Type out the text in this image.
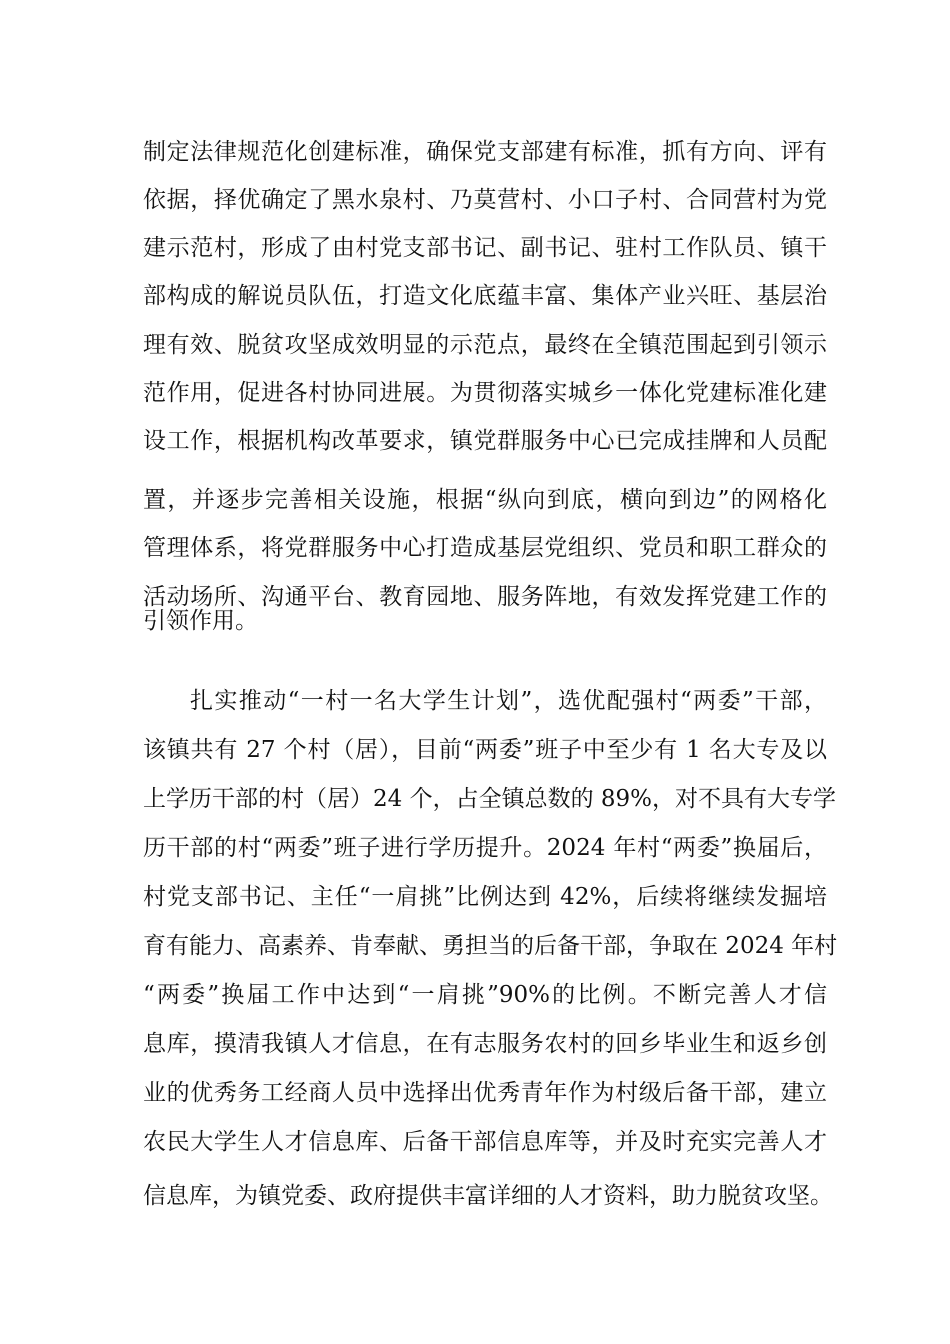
制定法律规范化创建标准，确保党支部建有标准，抓有方向、评有
依据，择优确定了黑水泉村、乃莫营村、小口子村、合同营村为党
建示范村，形成了由村党支部书记、副书记、驻村工作队员、镇干
部构成的解说员队伍，打造文化底蕴丰富、集体产业兴旺、基层治
理有效、脱贫攻坚成效明显的示范点，最终在全镇范围起到引领示
范作用，促进各村协同进展。为贯彻落实城乡一体化党建标准化建
设工作，根据机构改革要求，镇党群服务中心已完成挂牌和人员配
置，并逐步完善相关设施，根据“纵向到底，横向到边”的网格化
管理体系，将党群服务中心打造成基层党组织、党员和职工群众的
活动场所、沟通平台、教育园地、服务阵地，有效发挥党建工作的
引领作用。
扎实推动“一村一名大学生计划”，选优配强村“两委”干部，
该镇共有 27 个村（居），目前“两委”班子中至少有 1 名大专及以
上学历干部的村（居）24 个，占全镇总数的 89%，对不具有大专学
历干部的村“两委”班子进行学历提升。2024 年村“两委”换届后，
村党支部书记、主任“一肩挑”比例达到 42%，后续将继续发掘培
育有能力、高素养、肯奉献、勇担当的后备干部，争取在 2024 年村
“两委”换届工作中达到“一肩挑”90%的比例。不断完善人才信
息库，摸清我镇人才信息，在有志服务农村的回乡毕业生和返乡创
业的优秀务工经商人员中选择出优秀青年作为村级后备干部，建立
农民大学生人才信息库、后备干部信息库等，并及时充实完善人才
信息库，为镇党委、政府提供丰富详细的人才资料，助力脱贫攻坚。
